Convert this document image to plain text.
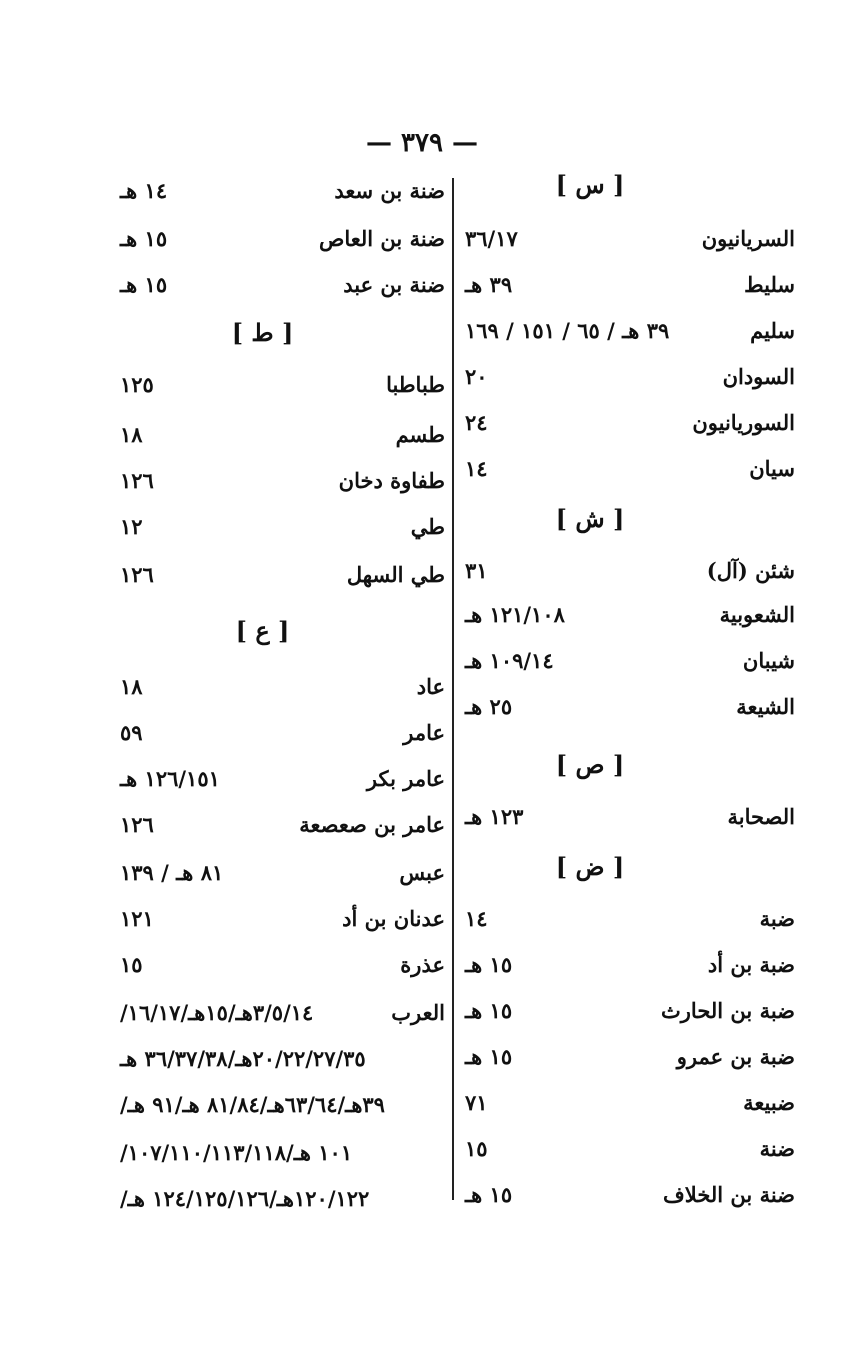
— ٣٧٩ —
[ س ]
السريانيون
٣٦/١٧
سليط
٣٩ هـ
سليم
٣٩ هـ / ٦٥ / ١٥١ / ١٦٩
السودان
٢٠
السوريانيون
٢٤
سيان
١٤
[ ش ]
شئن (آل)
٣١
الشعوبية
١٢١/١٠٨ هـ
شيبان
١٠٩/١٤ هـ
الشيعة
٢٥ هـ
[ ص ]
الصحابة
١٢٣ هـ
[ ض ]
ضبة
١٤
ضبة بن أد
١٥ هـ
ضبة بن الحارث
١٥ هـ
ضبة بن عمرو
١٥ هـ
ضبيعة
٧١
ضنة
١٥
ضنة بن الخلاف
١٥ هـ
ضنة بن سعد
١٤ هـ
ضنة بن العاص
١٥ هـ
ضنة بن عبد
١٥ هـ
[ ط ]
طباطبا
١٢٥
طسم
١٨
طفاوة دخان
١٢٦
طي
١٢
طي السهل
١٢٦
[ ع ]
عاد
١٨
عامر
٥٩
عامر بكر
١٢٦/١٥١ هـ
عامر بن صعصعة
١٢٦
عبس
٨١ هـ / ١٣٩
عدنان بن أد
١٢١
عذرة
١٥
العرب
٣/٥/١٤هـ/١٥هـ/١٦/١٧/
٢٠/٢٢/٢٧/٣٥هـ/٣٦/٣٧/٣٨ هـ
٣٩هـ/٦٣/٦٤هـ/٨١/٨٤ هـ/٩١ هـ/
١٠١ هـ/١٠٧/١١٠/١١٣/١١٨/
١٢٠/١٢٢هـ/١٢٤/١٢٥/١٢٦ هـ/
